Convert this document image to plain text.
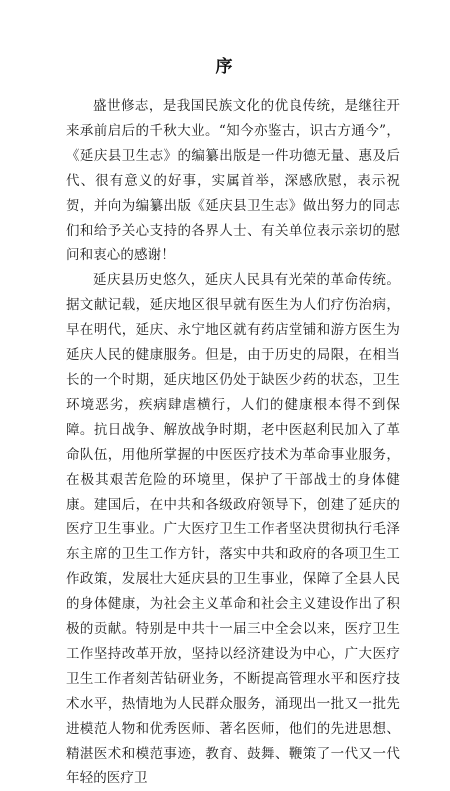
序

盛世修志，是我国民族文化的优良传统，是继往开来承前启后的千秋大业。“知今亦鉴古，识古方通今”，《延庆县卫生志》的编纂出版是一件功德无量、惠及后代、很有意义的好事，实属首举，深感欣慰，表示祝贺，并向为编纂出版《延庆县卫生志》做出努力的同志们和给予关心支持的各界人士、有关单位表示亲切的慰问和衷心的感谢！

延庆县历史悠久，延庆人民具有光荣的革命传统。据文献记载，延庆地区很早就有医生为人们疗伤治病，早在明代，延庆、永宁地区就有药店堂铺和游方医生为延庆人民的健康服务。但是，由于历史的局限，在相当长的一个时期，延庆地区仍处于缺医少药的状态，卫生环境恶劣，疾病肆虐横行，人们的健康根本得不到保障。抗日战争、解放战争时期，老中医赵利民加入了革命队伍，用他所掌握的中医医疗技术为革命事业服务，在极其艰苦危险的环境里，保护了干部战士的身体健康。建国后，在中共和各级政府领导下，创建了延庆的医疗卫生事业。广大医疗卫生工作者坚决贯彻执行毛泽东主席的卫生工作方针，落实中共和政府的各项卫生工作政策，发展壮大延庆县的卫生事业，保障了全县人民的身体健康，为社会主义革命和社会主义建设作出了积极的贡献。特别是中共十一届三中全会以来，医疗卫生工作坚持改革开放，坚持以经济建设为中心，广大医疗卫生工作者刻苦钻研业务，不断提高管理水平和医疗技术水平，热情地为人民群众服务，涌现出一批又一批先进模范人物和优秀医师、著名医师，他们的先进思想、精湛医术和模范事迹，教育、鼓舞、鞭策了一代又一代年轻的医疗卫
